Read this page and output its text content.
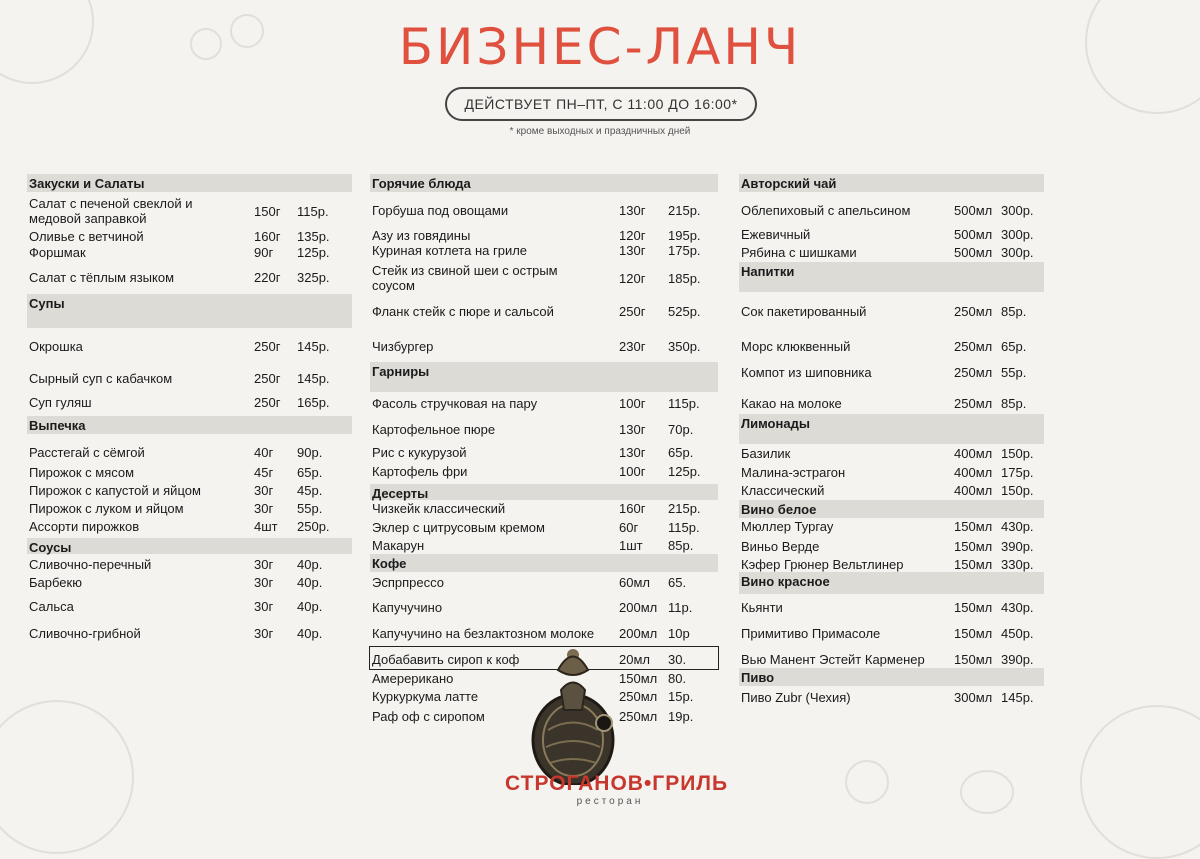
БИЗНЕС-ЛАНЧ
ДЕЙСТВУЕТ ПН–ПТ, С 11:00 ДО 16:00*
* кроме выходных и праздничных дней
Закуски и Салаты
Салат с печеной свеклой и медовой заправкой	150г 115р.
Оливье с ветчиной	160г 135р.
Форшмак	90г 125р.
Салат с тёплым языком	220г 325р.
Супы
Окрошка	250г 145р.
Сырный суп с кабачком	250г 145р.
Суп гуляш	250г 165р.
Выпечка
Расстегай с сёмгой	40г 90р.
Пирожок с мясом	45г 65р.
Пирожок с капустой и яйцом	30г 45р.
Пирожок с луком и яйцом	30г 55р.
Ассорти пирожков	4шт 250р.
Соусы
Сливочно-перечный	30г 40р.
Барбекю	30г 40р.
Сальса	30г 40р.
Сливочно-грибной	30г 40р.
Горячие блюда
Горбуша под овощами	130г 215р.
Азу из говядины	120г 195р.
Куриная котлета на гриле	130г 175р.
Стейк из свиной шеи с острым соусом	120г 185р.
Фланк стейк с пюре и сальсой	250г 525р.
Чизбургер	230г 350р.
Гарниры
Фасоль стручковая на пару	100г 115р.
Картофельное пюре	130г 70р.
Рис с кукурузой	130г 65р.
Картофель фри	100г 125р.
Десерты
Чизкейк классический	160г 215р.
Эклер с цитрусовым кремом	60г 115р.
Макарун	1шт 85р.
Кофе
Эспрпрессо	60мл 65.
Капучучино	200мл 11р.
Капучучино на безлактозном молоке	200мл 10р
Добабавить сироп к коф	20мл 30.
Амерериканo	150мл 80.
Куркуркума латте	250мл 15р.
Раф оф с сиропом	250мл 19р.
Авторский чай
Облепиховый с апельсином	500мл 300р.
Ежевичный	500мл 300р.
Рябина с шишками	500мл 300р.
Напитки
Сок пакетированный	250мл 85р.
Морс клюквенный	250мл 65р.
Компот из шиповника	250мл 55р.
Какао на молоке	250мл 85р.
Лимонады
Базилик	400мл 150р.
Малина-эстрагон	400мл 175р.
Классический	400мл 150р.
Вино белое
Мюллер Тургау	150мл 430р.
Виньо Верде	150мл 390р.
Кэфер Грюнер Вельтлинер	150мл 330р.
Вино красное
Кьянти	150мл 430р.
Примитиво Примасоле	150мл 450р.
Вью Манент Эстейт Карменер	150мл 390р.
Пиво
Пиво Zubr (Чехия)	300мл 145р.
СТРОГАНОВ•ГРИЛЬ
ресторан
